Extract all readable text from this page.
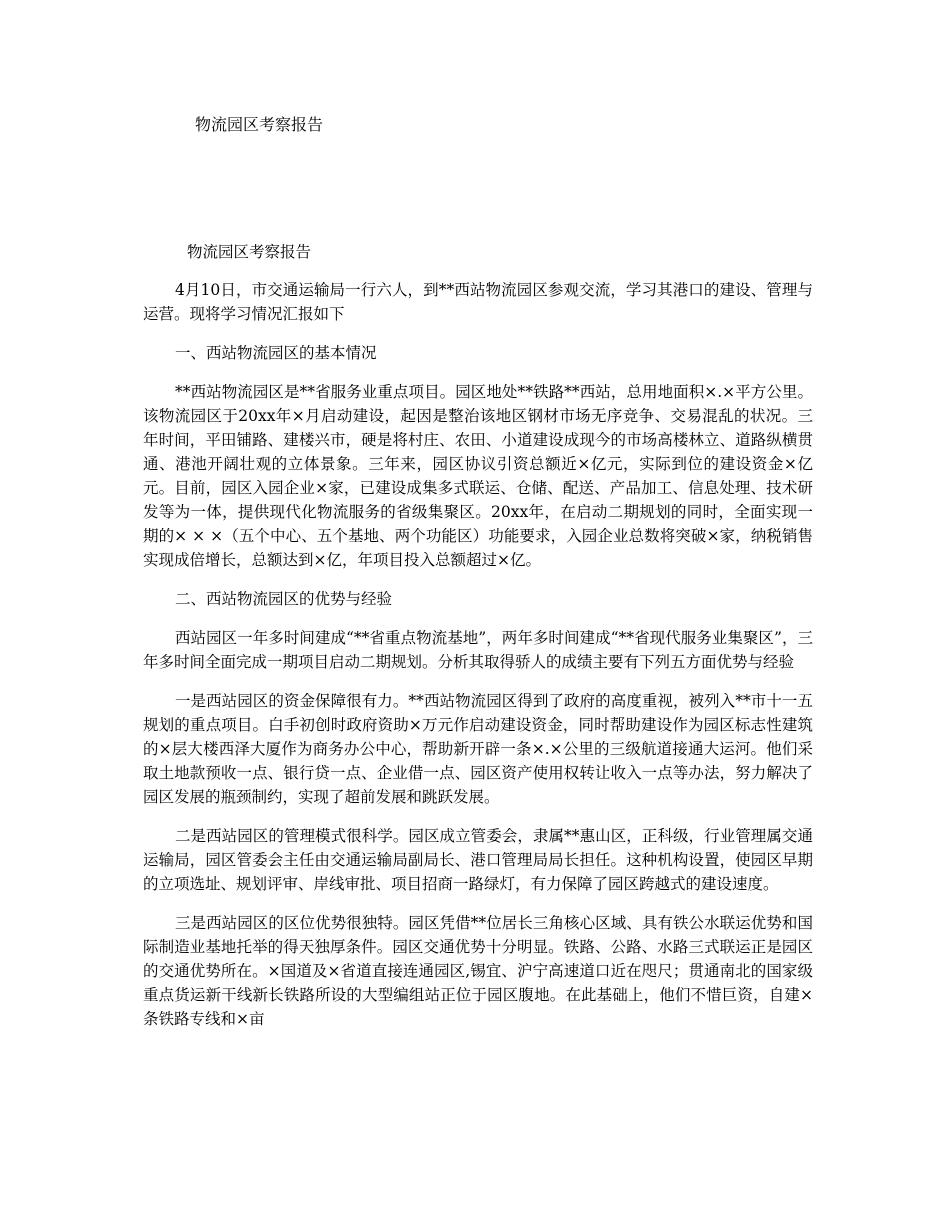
物流园区考察报告
物流园区考察报告

4月10日，市交通运输局一行六人，到**西站物流园区参观交流，学习其港口的建设、管理与运营。现将学习情况汇报如下

一、西站物流园区的基本情况

**西站物流园区是**省服务业重点项目。园区地处**铁路**西站，总用地面积×.×平方公里。该物流园区于20xx年×月启动建设，起因是整治该地区钢材市场无序竞争、交易混乱的状况。三年时间，平田铺路、建楼兴市，硬是将村庄、农田、小道建设成现今的市场高楼林立、道路纵横贯通、港池开阔壮观的立体景象。三年来，园区协议引资总额近×亿元，实际到位的建设资金×亿元。目前，园区入园企业×家，已建设成集多式联运、仓储、配送、产品加工、信息处理、技术研发等为一体，提供现代化物流服务的省级集聚区。20xx年，在启动二期规划的同时，全面实现一期的× × ×（五个中心、五个基地、两个功能区）功能要求，入园企业总数将突破×家，纳税销售实现成倍增长，总额达到×亿，年项目投入总额超过×亿。

二、西站物流园区的优势与经验

西站园区一年多时间建成“**省重点物流基地”，两年多时间建成“**省现代服务业集聚区”，三年多时间全面完成一期项目启动二期规划。分析其取得骄人的成绩主要有下列五方面优势与经验

一是西站园区的资金保障很有力。**西站物流园区得到了政府的高度重视，被列入**市十一五规划的重点项目。白手初创时政府资助×万元作启动建设资金，同时帮助建设作为园区标志性建筑的×层大楼西泽大厦作为商务办公中心，帮助新开辟一条×.×公里的三级航道接通大运河。他们采取土地款预收一点、银行贷一点、企业借一点、园区资产使用权转让收入一点等办法，努力解决了园区发展的瓶颈制约，实现了超前发展和跳跃发展。

二是西站园区的管理模式很科学。园区成立管委会，隶属**惠山区，正科级，行业管理属交通运输局，园区管委会主任由交通运输局副局长、港口管理局局长担任。这种机构设置，使园区早期的立项选址、规划评审、岸线审批、项目招商一路绿灯，有力保障了园区跨越式的建设速度。

三是西站园区的区位优势很独特。园区凭借**位居长三角核心区域、具有铁公水联运优势和国际制造业基地托举的得天独厚条件。园区交通优势十分明显。铁路、公路、水路三式联运正是园区的交通优势所在。×国道及×省道直接连通园区,锡宜、沪宁高速道口近在咫尺；贯通南北的国家级重点货运新干线新长铁路所设的大型编组站正位于园区腹地。在此基础上，他们不惜巨资，自建×条铁路专线和×亩
